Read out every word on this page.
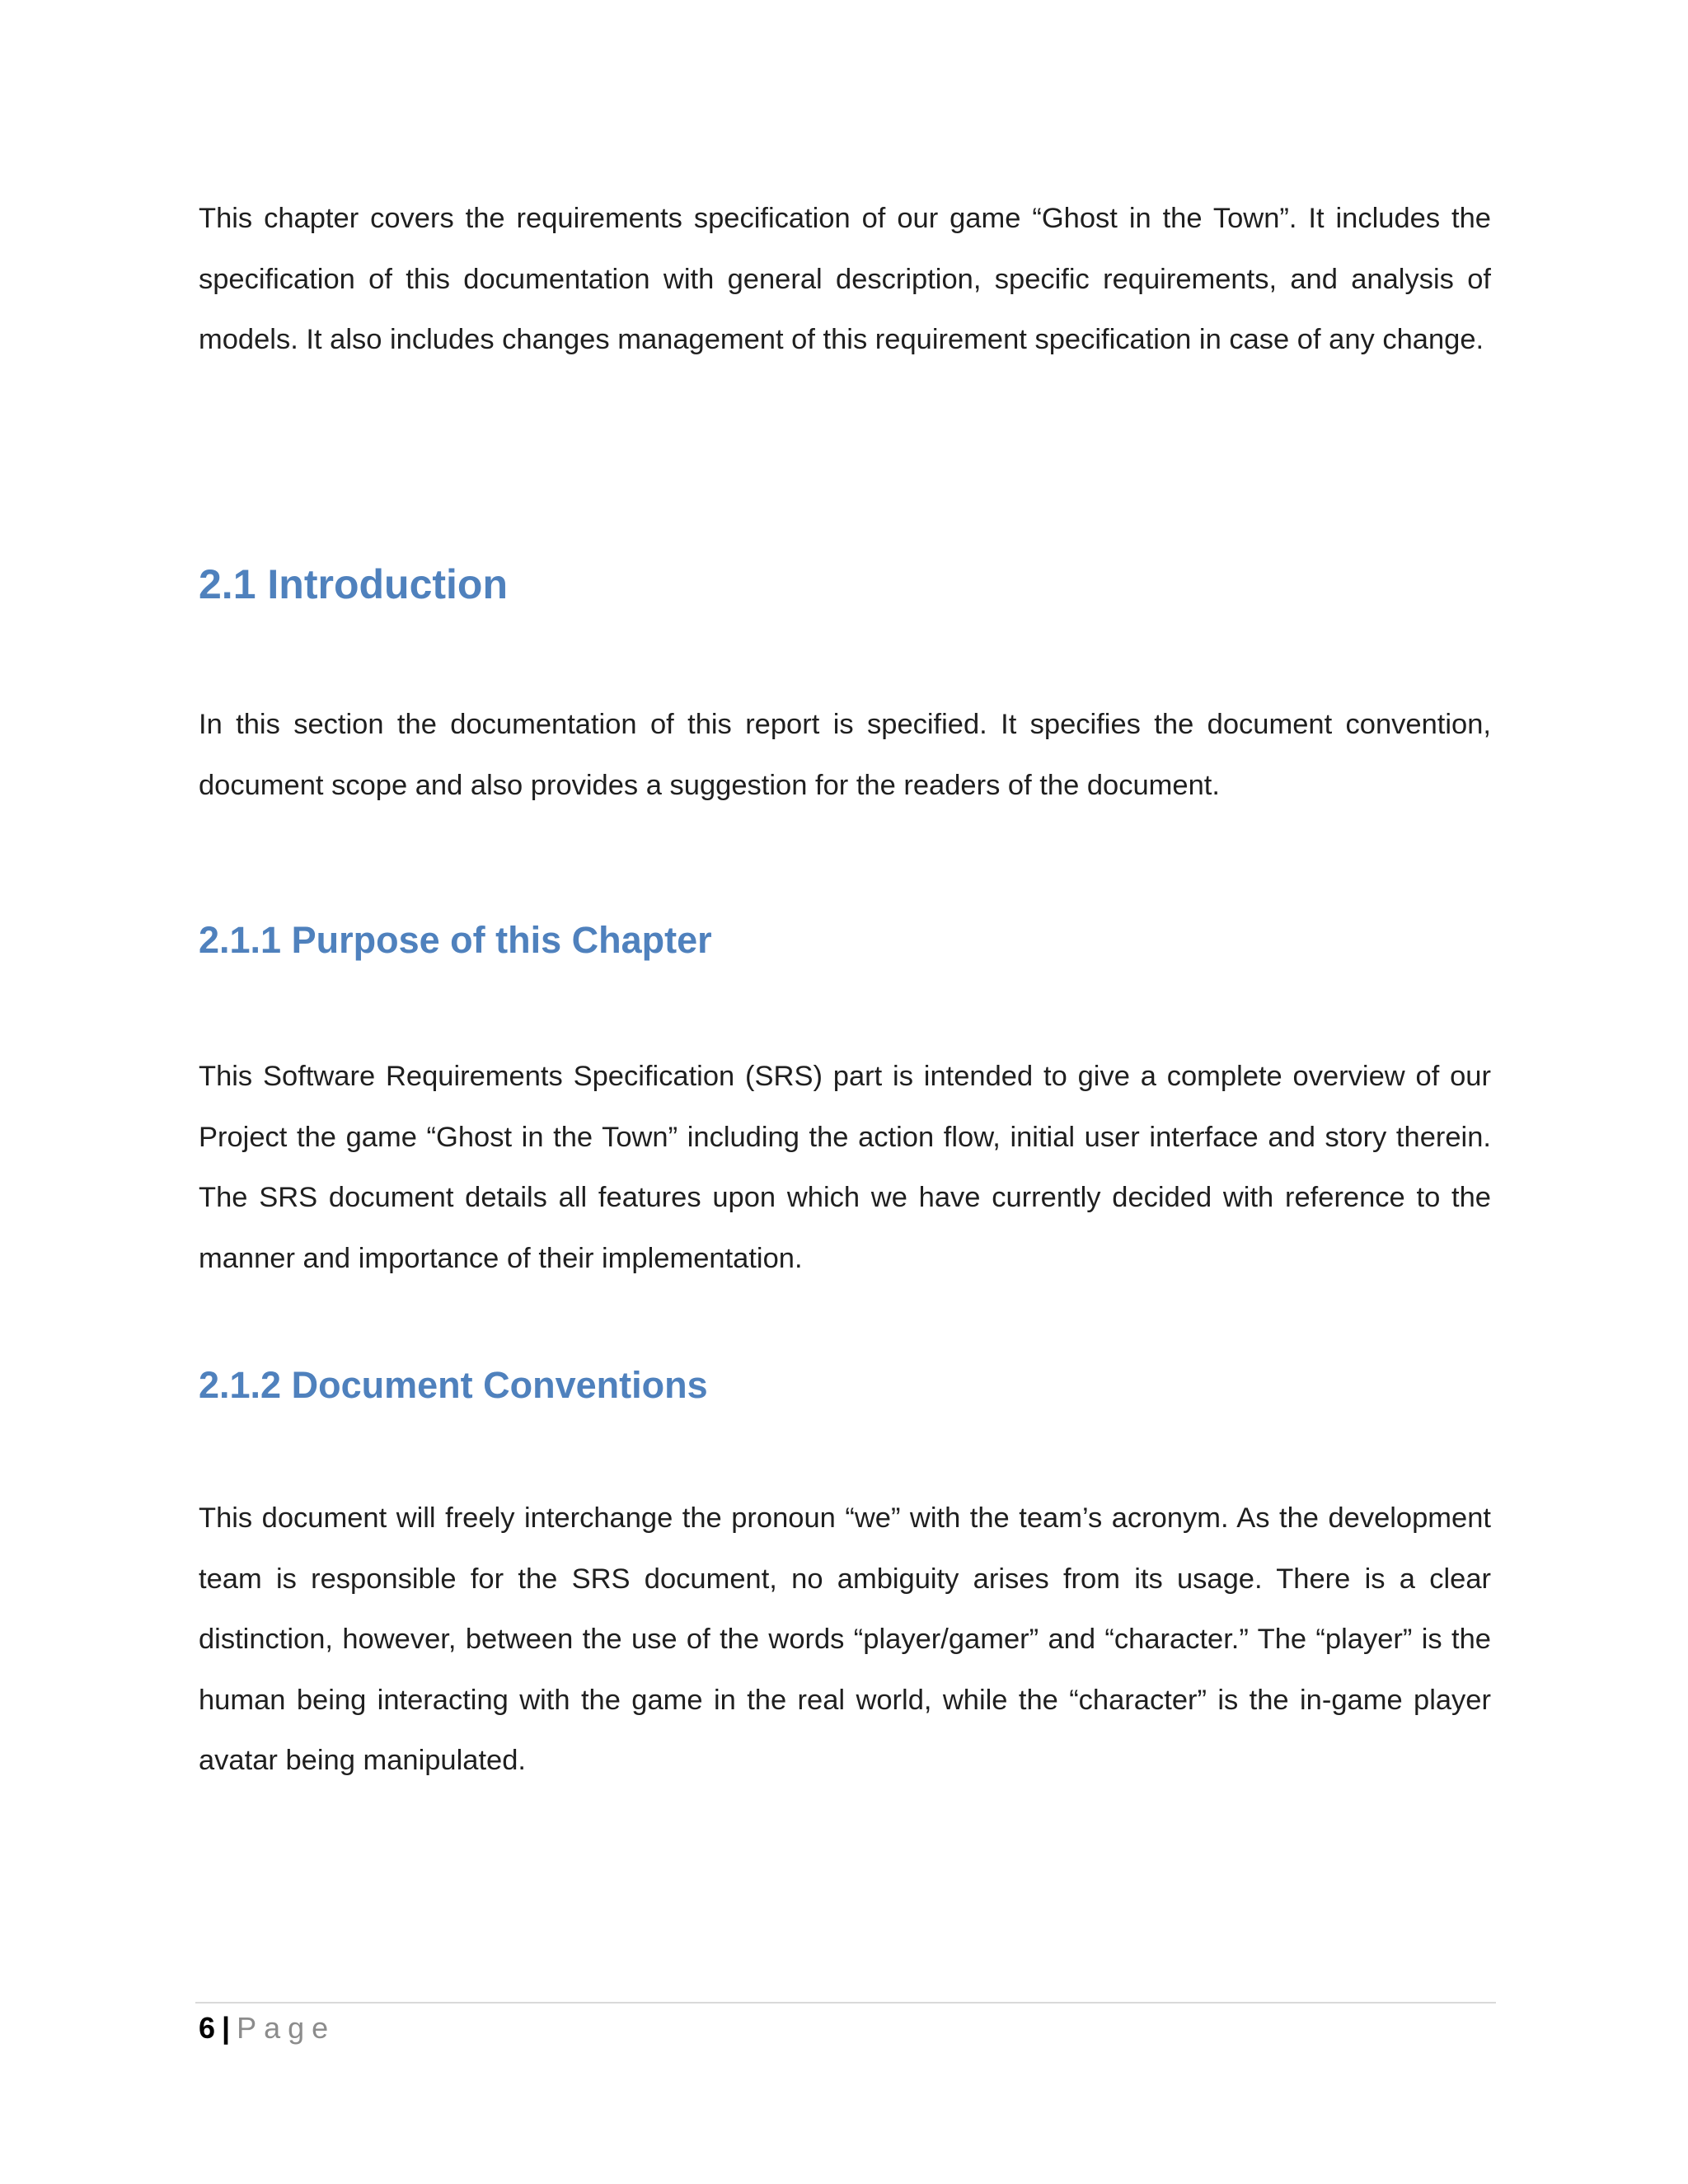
This chapter covers the requirements specification of our game “Ghost in the Town”. It includes the specification of this documentation with general description, specific requirements, and analysis of models. It also includes changes management of this requirement specification in case of any change.

2.1 Introduction

In this section the documentation of this report is specified. It specifies the document convention, document scope and also provides a suggestion for the readers of the document.

2.1.1 Purpose of this Chapter

This Software Requirements Specification (SRS) part is intended to give a complete overview of our Project the game “Ghost in the Town” including the action flow, initial user interface and story therein. The SRS document details all features upon which we have currently decided with reference to the manner and importance of their implementation.

2.1.2 Document Conventions

This document will freely interchange the pronoun “we” with the team’s acronym. As the development team is responsible for the SRS document, no ambiguity arises from its usage. There is a clear distinction, however, between the use of the words “player/gamer” and “character.” The “player” is the human being interacting with the game in the real world, while the “character” is the in-game player avatar being manipulated.

6 | Page
